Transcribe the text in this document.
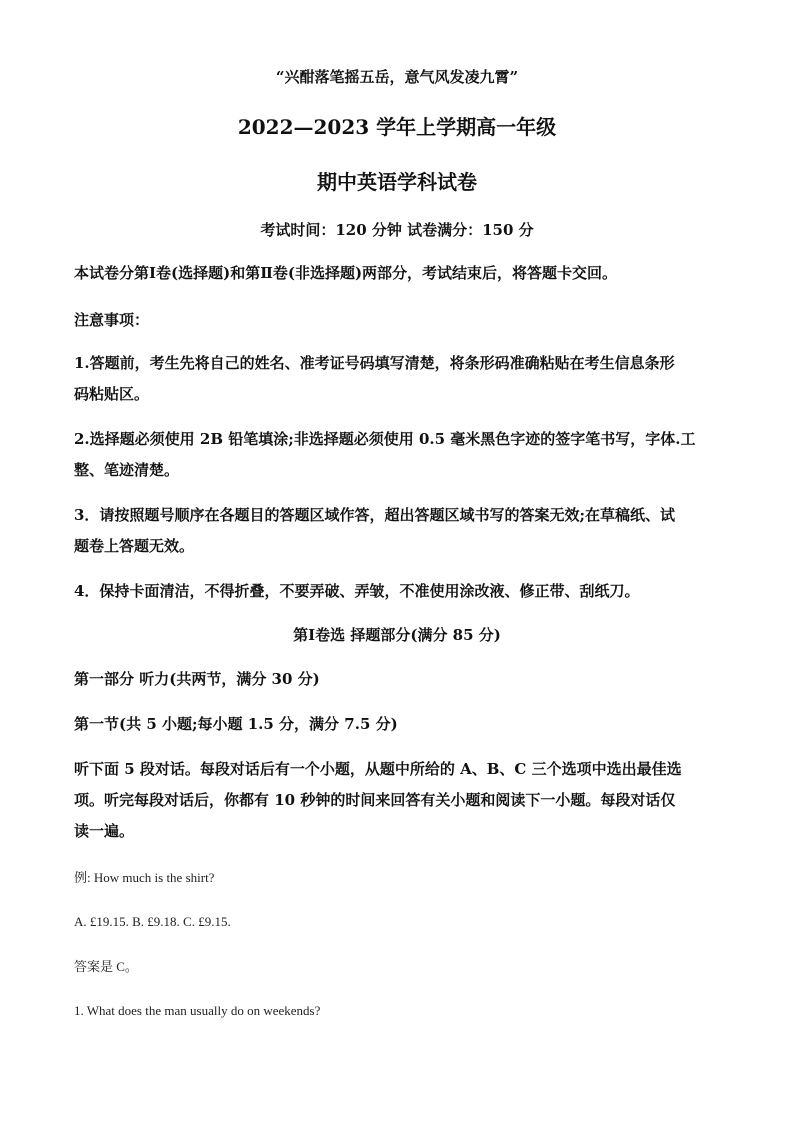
“兴酣落笔摇五岳，意气风发凌九霄”

2022—2023 学年上学期高一年级

期中英语学科试卷

考试时间：120 分钟 试卷满分：150 分

本试卷分第Ⅰ卷(选择题)和第Ⅱ卷(非选择题)两部分，考试结束后，将答题卡交回。

注意事项：

1.答题前，考生先将自己的姓名、准考证号码填写清楚，将条形码准确粘贴在考生信息条形

码粘贴区。

2.选择题必须使用 2B 铅笔填涂;非选择题必须使用 0.5 毫米黑色字迹的签字笔书写，字体.工

整、笔迹清楚。

3．请按照题号顺序在各题目的答题区域作答，超出答题区域书写的答案无效;在草稿纸、试

题卷上答题无效。

4．保持卡面清洁，不得折叠，不要弄破、弄皱，不准使用涂改液、修正带、刮纸刀。

第Ⅰ卷选 择题部分(满分 85 分)

第一部分 听力(共两节，满分 30 分)

第一节(共 5 小题;每小题 1.5 分，满分 7.5 分)

听下面 5 段对话。每段对话后有一个小题，从题中所给的 A、B、C 三个选项中选出最佳选

项。听完每段对话后，你都有 10 秒钟的时间来回答有关小题和阅读下一小题。每段对话仅

读一遍。

例: How much is the shirt?

A. £19.15. B. £9.18. C. £9.15.

答案是 C。

1. What does the man usually do on weekends?
